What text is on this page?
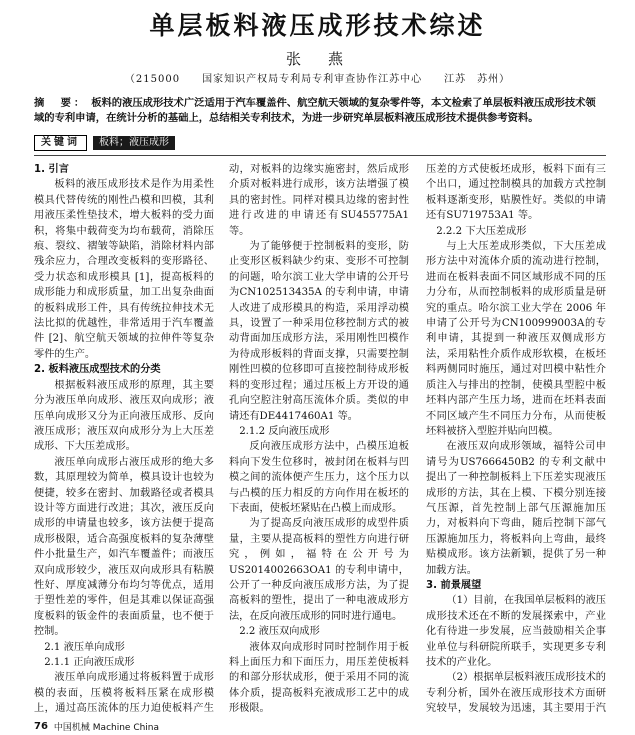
单层板料液压成形技术综述
张　燕
（215000　　国家知识产权局专利局专利审查协作江苏中心　　江苏　苏州）
摘　要： 板料的液压成形技术广泛适用于汽车覆盖件、航空航天领域的复杂零件等，本文检索了单层板料液压成形技术领域的专利申请，在统计分析的基础上，总结相关专利技术，为进一步研究单层板料液压成形技术提供参考资料。
关键词	板料；液压成形

1. 引言

板料的液压成形技术是作为用柔性模具代替传统的刚性凸模和凹模，其利用液压柔性垫技术，增大板料的受力面积，将集中载荷变为均布载荷，消除压痕、裂纹、褶皱等缺陷，消除材料内部残余应力，合理改变板料的变形路径、受力状态和成形模具 [1]，提高板料的成形能力和成形质量，加工出复杂曲面的板料成形工件，具有传统拉伸技术无法比拟的优越性，非常适用于汽车覆盖件 [2]、航空航天领域的拉伸件等复杂零件的生产。

2. 板料液压成型技术的分类

根据板料液压成形的原理，其主要分为液压单向成形、液压双向成形；液压单向成形又分为正向液压成形、反向液压成形；液压双向成形分为上大压差成形、下大压差成形。

液压单向成形占液压成形的绝大多数，其原理较为简单，模具设计也较为便捷，较多在密封、加载路径或者模具设计等方面进行改进；其次，液压反向成形的申请量也较多，该方法便于提高成形极限，适合高强度板料的复杂薄壁件小批量生产，如汽车覆盖件；而液压双向成形较少，液压双向成形具有粘膜性好、厚度减薄分布均匀等优点，适用于塑性差的零件，但是其难以保证高强度板料的钣金件的表面质量，也不便于控制。

2.1 液压单向成形

2.1.1 正向液压成形

液压单向成形通过将板料置于成形模的表面，压模将板料压紧在成形模上，通过高压流体的压力迫使板料产生

动，对板料的边缘实施密封，然后成形介质对板料进行成形，该方法增强了模具的密封性。同样对模具边缘的密封性进行改进的申请还有SU455775A1 等。

为了能够便于控制板料的变形，防止变形区板料缺少约束、变形不可控制的问题，哈尔滨工业大学申请的公开号为CN102513435A 的专利申请，申请人改进了成形模具的构造，采用浮动模具，设置了一种采用位移控制方式的被动背面加压成形方法，采用刚性凹模作为待成形板料的背面支撑，只需要控制刚性凹模的位移即可直接控制待成形板料的变形过程；通过压板上方开设的通孔向空腔注射高压流体介质。类似的申请还有DE4417460A1 等。

2.1.2 反向液压成形

反向液压成形方法中，凸模压迫板料向下发生位移时，被封闭在板料与凹模之间的流体便产生压力，这个压力以与凸模的压力相反的方向作用在板坯的下表面，使板坯紧贴在凸模上而成形。

为了提高反向液压成形的成型件质量，主要从提高板料的塑性方向进行研究，例如，福特在公开号为US2014002663OA1 的专利申请中，公开了一种反向液压成形方法，为了提高板料的塑性，提出了一种电液成形方法，在反向液压成形的同时进行通电。

2.2 液压双向成形

液体双向成形时同时控制作用于板料上面压力和下面压力，用压差使板料的和部分形状成形，便于采用不同的流体介质，提高板料充液成形工艺中的成形极限。

压差的方式使板坯成形，板料下面有三个出口，通过控制模具的加载方式控制板料逐渐变形，贴膜性好。类似的申请还有SU719753A1 等。

2.2.2 下大压差成形

与上大压差成形类似，下大压差成形方法中对流体介质的流动进行控制，进而在板料表面不同区域形成不同的压力分布，从而控制板料的成形质量是研究的重点。哈尔滨工业大学在 2006 年申请了公开号为CN100999003A的专利申请，其提到一种液压双侧成形方法，采用粘性介质作成形软模，在板坯料两侧同时施压，通过对凹模中粘性介质注入与排出的控制，使模具型腔中板坯料内部产生压力场，进而在坯料表面不同区域产生不同压力分布，从而使板坯料被挤入型腔并贴向凹模。

在液压双向成形领域，福特公司申请号为US7666450B2 的专利文献中提出了一种控制板料上下压差实现液压成形的方法，其在上模、下模分别连接气压源，首先控制上部气压源施加压力，对板料向下弯曲，随后控制下部气压源施加压力，将板料向上弯曲，最终贴模成形。该方法新颖，提供了另一种加载方法。

3. 前景展望

（1）目前，在我国单层板料的液压成形技术还在不断的发展探索中，产业化有待进一步发展，应当鼓励相关企事业单位与科研院所联手，实现更多专利技术的产业化。

（2）根据单层板料液压成形技术的专利分析，国外在液压成形技术方面研究较早，发展较为迅速，其主要用于汽

76 中国机械 Machine China
